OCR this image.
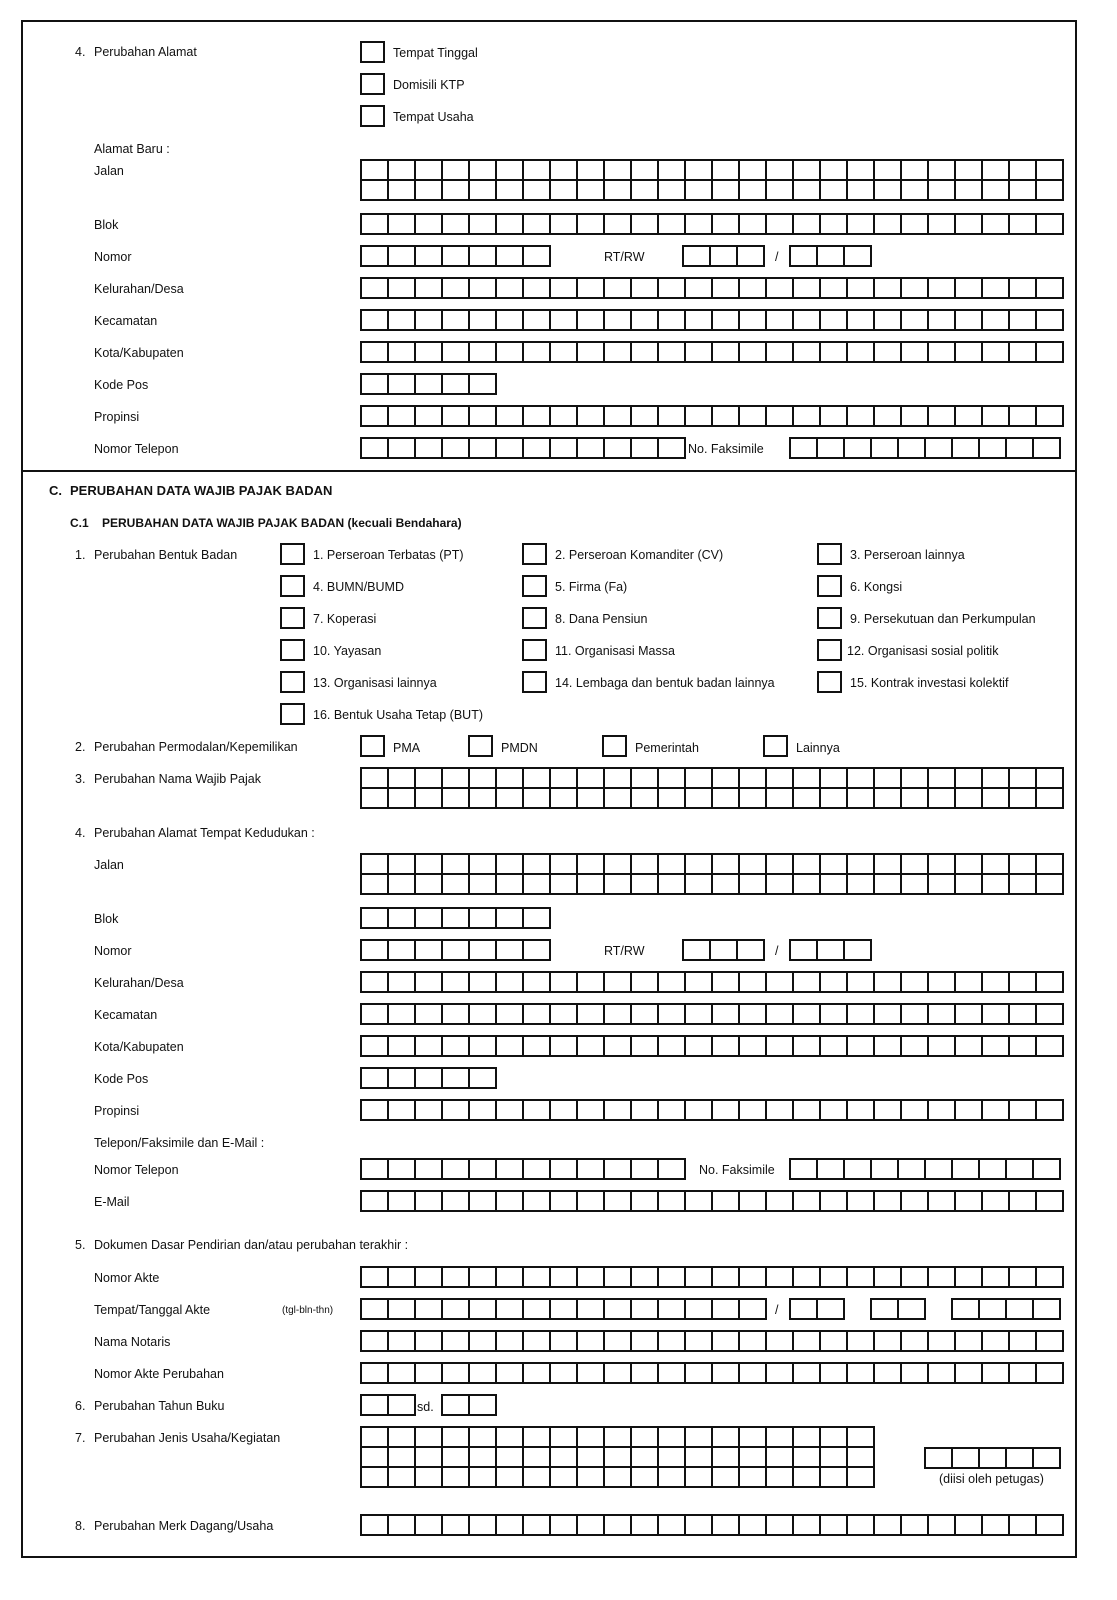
4. Perubahan Alamat	Tempat Tinggal
Domisili KTP
Tempat Usaha
Alamat Baru :
Jalan
Blok
Nomor	RT/RW	/
Kelurahan/Desa
Kecamatan
Kota/Kabupaten
Kode Pos
Propinsi
Nomor Telepon	No. Faksimile

C. PERUBAHAN DATA WAJIB PAJAK BADAN
C.1 PERUBAHAN DATA WAJIB PAJAK BADAN (kecuali Bendahara)
1. Perubahan Bentuk Badan	1. Perseroan Terbatas (PT)	2. Perseroan Komanditer (CV)	3. Perseroan lainnya
4. BUMN/BUMD	5. Firma (Fa)	6. Kongsi
7. Koperasi	8. Dana Pensiun	9. Persekutuan dan Perkumpulan
10. Yayasan	11. Organisasi Massa	12. Organisasi sosial politik
13. Organisasi lainnya	14. Lembaga dan bentuk badan lainnya	15. Kontrak investasi kolektif
16. Bentuk Usaha Tetap (BUT)
2. Perubahan Permodalan/Kepemilikan	PMA	PMDN	Pemerintah	Lainnya
3. Perubahan Nama Wajib Pajak

4. Perubahan Alamat Tempat Kedudukan :
Jalan
Blok
Nomor	RT/RW	/
Kelurahan/Desa
Kecamatan
Kota/Kabupaten
Kode Pos
Propinsi
Telepon/Faksimile dan E-Mail :
Nomor Telepon	No. Faksimile
E-Mail

5. Dokumen Dasar Pendirian dan/atau perubahan terakhir :
Nomor Akte
Tempat/Tanggal Akte	(tgl-bln-thn)	/
Nama Notaris
Nomor Akte Perubahan

6. Perubahan Tahun Buku
		sd.

7. Perubahan Jenis Usaha/Kegiatan

(diisi oleh petugas)
8. Perubahan Merk Dagang/Usaha
